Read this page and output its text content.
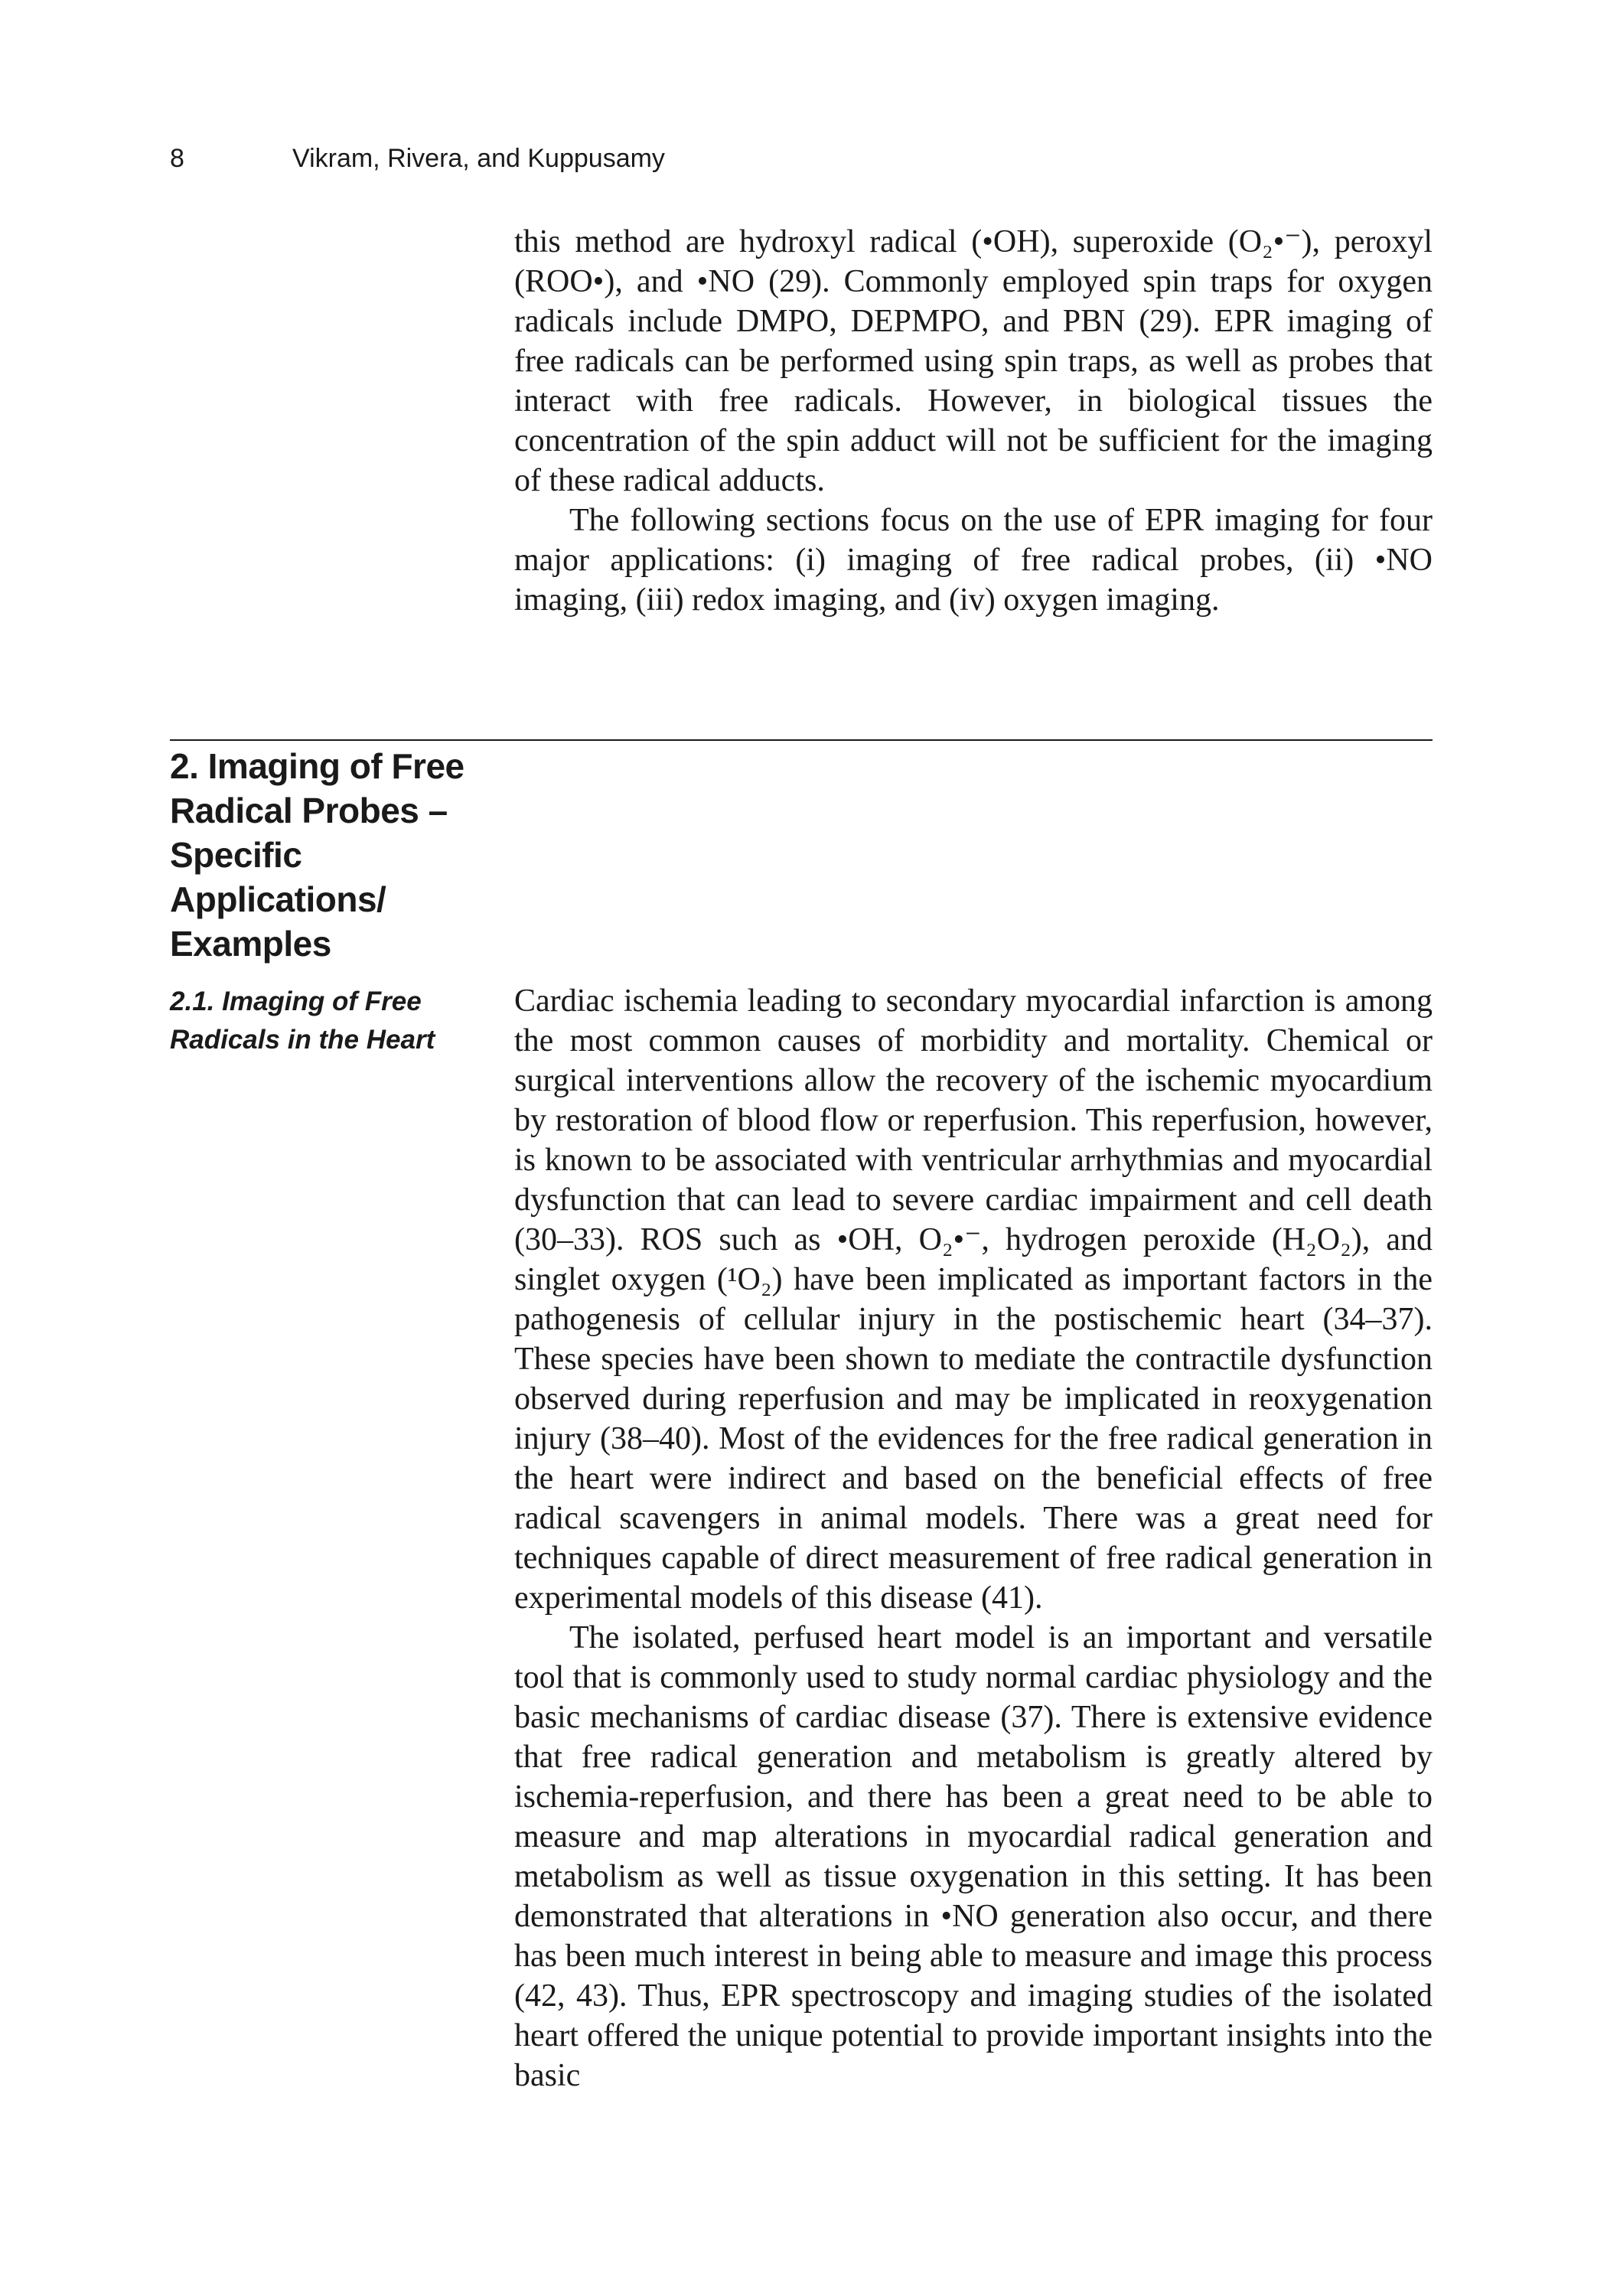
8	Vikram, Rivera, and Kuppusamy

this method are hydroxyl radical (•OH), superoxide (O₂•⁻), peroxyl (ROO•), and •NO (29). Commonly employed spin traps for oxygen radicals include DMPO, DEPMPO, and PBN (29). EPR imaging of free radicals can be performed using spin traps, as well as probes that interact with free radicals. However, in biological tissues the concentration of the spin adduct will not be sufficient for the imaging of these radical adducts.

The following sections focus on the use of EPR imaging for four major applications: (i) imaging of free radical probes, (ii) •NO imaging, (iii) redox imaging, and (iv) oxygen imaging.

2. Imaging of Free Radical Probes – Specific Applications/ Examples
2.1. Imaging of Free Radicals in the Heart

Cardiac ischemia leading to secondary myocardial infarction is among the most common causes of morbidity and mortality. Chemical or surgical interventions allow the recovery of the ischemic myocardium by restoration of blood flow or reperfusion. This reperfusion, however, is known to be associated with ventricular arrhythmias and myocardial dysfunction that can lead to severe cardiac impairment and cell death (30–33). ROS such as •OH, O₂•⁻, hydrogen peroxide (H₂O₂), and singlet oxygen (¹O₂) have been implicated as important factors in the pathogenesis of cellular injury in the postischemic heart (34–37). These species have been shown to mediate the contractile dysfunction observed during reperfusion and may be implicated in reoxygenation injury (38–40). Most of the evidences for the free radical generation in the heart were indirect and based on the beneficial effects of free radical scavengers in animal models. There was a great need for techniques capable of direct measurement of free radical generation in experimental models of this disease (41).

The isolated, perfused heart model is an important and versatile tool that is commonly used to study normal cardiac physiology and the basic mechanisms of cardiac disease (37). There is extensive evidence that free radical generation and metabolism is greatly altered by ischemia-reperfusion, and there has been a great need to be able to measure and map alterations in myocardial radical generation and metabolism as well as tissue oxygenation in this setting. It has been demonstrated that alterations in •NO generation also occur, and there has been much interest in being able to measure and image this process (42, 43). Thus, EPR spectroscopy and imaging studies of the isolated heart offered the unique potential to provide important insights into the basic
